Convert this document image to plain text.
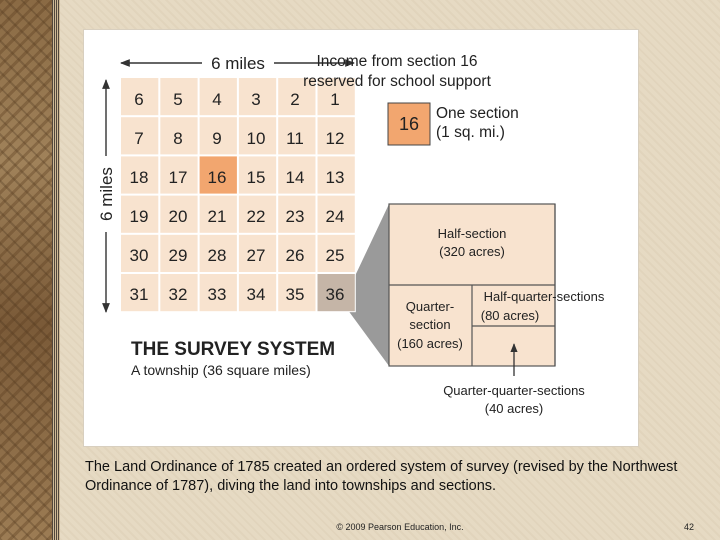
6 miles
6 miles
6 5 4 3 2 1
7 8 9 10 11 12
18 17 16 15 14 13
19 20 21 22 23 24
30 29 28 27 26 25
31 32 33 34 35 36
THE SURVEY SYSTEM
A township (36 square miles)
Income from section 16
reserved for school support
16
One section
(1 sq. mi.)
Half-section
(320 acres)
Quarter-
section
(160 acres)
Half-quarter-sections
(80 acres)
Quarter-quarter-sections
(40 acres)
The Land Ordinance of 1785 created an ordered system of survey (revised by the Northwest Ordinance of 1787), diving the land into townships and sections.
© 2009 Pearson Education, Inc.	42
